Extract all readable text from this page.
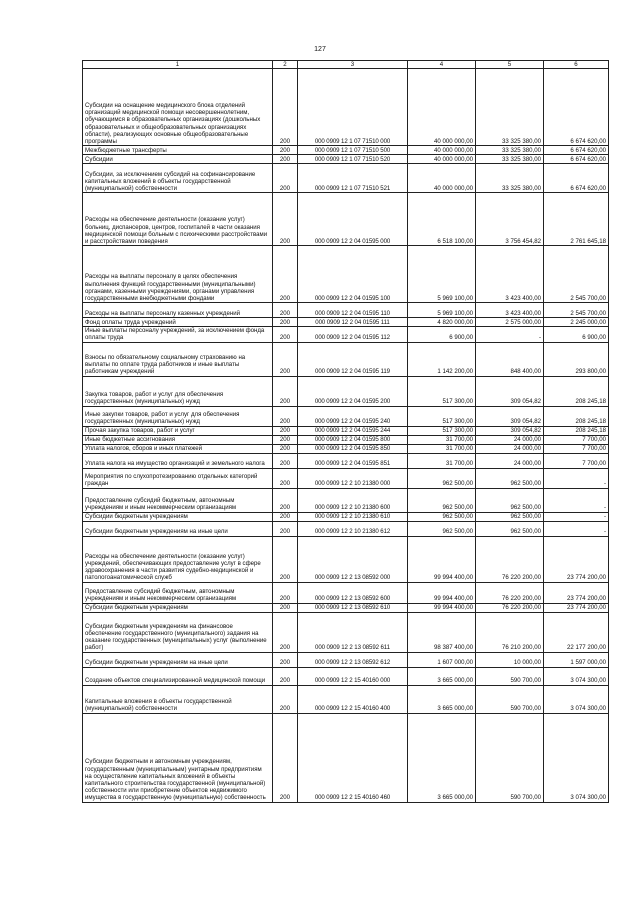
127
1	2	3	4	5	6
Субсидии на оснащение медицинского блока отделений организаций медицинской помощи несовершеннолетним, обучающимся в образовательных организациях (дошкольных образовательных и общеобразовательных организациях области), реализующих основные общеобразовательные программы	200	000 0909 12 1 07 71510 000	40 000 000,00	33 325 380,00	6 674 620,00
Межбюджетные трансферты	200	000 0909 12 1 07 71510 500	40 000 000,00	33 325 380,00	6 674 620,00
Субсидии	200	000 0909 12 1 07 71510 520	40 000 000,00	33 325 380,00	6 674 620,00
Субсидии, за исключением субсидий на софинансирование капитальных вложений в объекты государственной (муниципальной) собственности	200	000 0909 12 1 07 71510 521	40 000 000,00	33 325 380,00	6 674 620,00
Расходы на обеспечение деятельности (оказание услуг) больниц, диспансеров, центров, госпиталей в части оказания медицинской помощи больным с психическими расстройствами и расстройствами поведения	200	000 0909 12 2 04 01595 000	6 518 100,00	3 756 454,82	2 761 645,18
Расходы на выплаты персоналу в целях обеспечения выполнения функций государственными (муниципальными) органами, казенными учреждениями, органами управления государственными внебюджетными фондами	200	000 0909 12 2 04 01595 100	5 969 100,00	3 423 400,00	2 545 700,00
Расходы на выплаты персоналу казенных учреждений	200	000 0909 12 2 04 01595 110	5 969 100,00	3 423 400,00	2 545 700,00
Фонд оплаты труда учреждений	200	000 0909 12 2 04 01595 111	4 820 000,00	2 575 000,00	2 245 000,00
Иные выплаты персоналу учреждений, за исключением фонда оплаты труда	200	000 0909 12 2 04 01595 112	6 900,00	-	6 900,00
Взносы по обязательному социальному страхованию на выплаты по оплате труда работников и иные выплаты работникам учреждений	200	000 0909 12 2 04 01595 119	1 142 200,00	848 400,00	293 800,00
Закупка товаров, работ и услуг для обеспечения государственных (муниципальных) нужд	200	000 0909 12 2 04 01595 200	517 300,00	309 054,82	208 245,18
Иные закупки товаров, работ и услуг для обеспечения государственных (муниципальных) нужд	200	000 0909 12 2 04 01595 240	517 300,00	309 054,82	208 245,18
Прочая закупка товаров, работ и услуг	200	000 0909 12 2 04 01595 244	517 300,00	309 054,82	208 245,18
Иные бюджетные ассигнования	200	000 0909 12 2 04 01595 800	31 700,00	24 000,00	7 700,00
Уплата налогов, сборов и иных платежей	200	000 0909 12 2 04 01595 850	31 700,00	24 000,00	7 700,00
Уплата налога на имущество организаций и земельного налога	200	000 0909 12 2 04 01595 851	31 700,00	24 000,00	7 700,00
Мероприятия по слухопротезированию отдельных категорий граждан	200	000 0909 12 2 10 21380 000	962 500,00	962 500,00	-
Предоставление субсидий бюджетным, автономным учреждениям и иным некоммерческим организациям	200	000 0909 12 2 10 21380 600	962 500,00	962 500,00	-
Субсидии бюджетным учреждениям	200	000 0909 12 2 10 21380 610	962 500,00	962 500,00	-
Субсидии бюджетным учреждениям на иные цели	200	000 0909 12 2 10 21380 612	962 500,00	962 500,00	-
Расходы на обеспечение деятельности (оказание услуг) учреждений, обеспечивающих предоставление услуг в сфере здравоохранения в части развития судебно-медицинской и патологоанатомической служб	200	000 0909 12 2 13 08592 000	99 994 400,00	76 220 200,00	23 774 200,00
Предоставление субсидий бюджетным, автономным учреждениям и иным некоммерческим организациям	200	000 0909 12 2 13 08592 600	99 994 400,00	76 220 200,00	23 774 200,00
Субсидии бюджетным учреждениям	200	000 0909 12 2 13 08592 610	99 994 400,00	76 220 200,00	23 774 200,00
Субсидии бюджетным учреждениям на финансовое обеспечение государственного (муниципального) задания на оказание государственных (муниципальных) услуг (выполнение работ)	200	000 0909 12 2 13 08592 611	98 387 400,00	76 210 200,00	22 177 200,00
Субсидии бюджетным учреждениям на иные цели	200	000 0909 12 2 13 08592 612	1 607 000,00	10 000,00	1 597 000,00
Создание объектов специализированной медицинской помощи	200	000 0909 12 2 15 40160 000	3 665 000,00	590 700,00	3 074 300,00
Капитальные вложения в объекты государственной (муниципальной) собственности	200	000 0909 12 2 15 40160 400	3 665 000,00	590 700,00	3 074 300,00
Субсидии бюджетным и автономным учреждениям, государственным (муниципальным) унитарным предприятиям на осуществление капитальных вложений в объекты капитального строительства государственной (муниципальной) собственности или приобретение объектов недвижимого имущества в государственную (муниципальную) собственность	200	000 0909 12 2 15 40160 460	3 665 000,00	590 700,00	3 074 300,00
